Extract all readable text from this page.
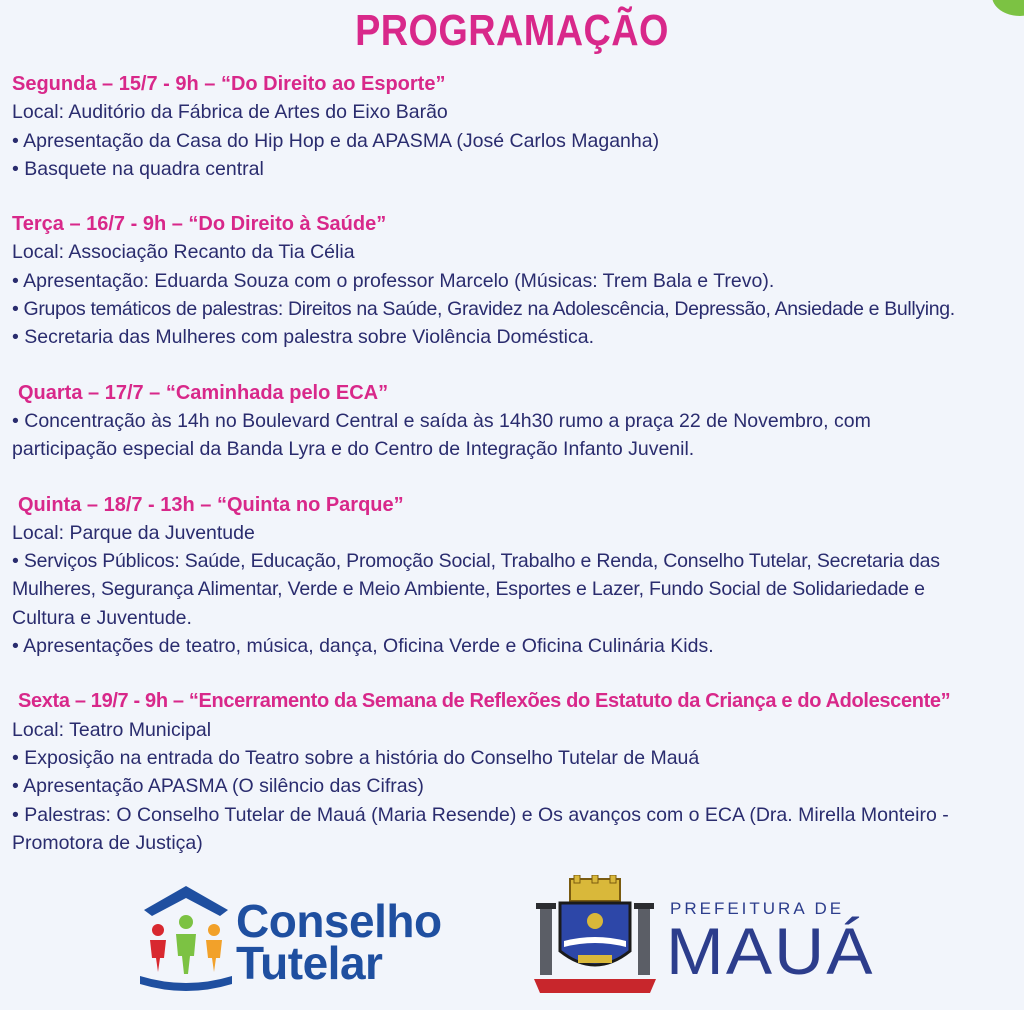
PROGRAMAÇÃO
Segunda – 15/7 - 9h – “Do Direito ao Esporte”
Local: Auditório da Fábrica de Artes do Eixo Barão
• Apresentação da Casa do Hip Hop e da APASMA (José Carlos Maganha)
• Basquete na quadra central
Terça – 16/7 - 9h – “Do Direito à Saúde”
Local: Associação Recanto da Tia Célia
• Apresentação: Eduarda Souza com o professor Marcelo (Músicas: Trem Bala e Trevo).
• Grupos temáticos de palestras: Direitos na Saúde, Gravidez na Adolescência, Depressão, Ansiedade e Bullying.
• Secretaria das Mulheres com palestra sobre Violência Doméstica.
Quarta – 17/7 – “Caminhada pelo ECA”
• Concentração às 14h no Boulevard Central e saída às 14h30 rumo a praça 22 de Novembro, com
participação especial da Banda Lyra e do Centro de Integração Infanto Juvenil.
Quinta – 18/7 - 13h – “Quinta no Parque”
Local: Parque da Juventude
• Serviços Públicos: Saúde, Educação, Promoção Social, Trabalho e Renda, Conselho Tutelar, Secretaria das
Mulheres, Segurança Alimentar, Verde e Meio Ambiente, Esportes e Lazer, Fundo Social de Solidariedade e
Cultura e Juventude.
• Apresentações de teatro, música, dança, Oficina Verde e Oficina Culinária Kids.
Sexta – 19/7 - 9h – “Encerramento da Semana de Reflexões do Estatuto da Criança e do Adolescente”
Local: Teatro Municipal
• Exposição na entrada do Teatro sobre a história do Conselho Tutelar de Mauá
• Apresentação APASMA (O silêncio das Cifras)
• Palestras: O Conselho Tutelar de Mauá (Maria Resende) e Os avanços com o ECA (Dra. Mirella Monteiro -
Promotora de Justiça)
Conselho
Tutelar
PREFEITURA DE
MAUÁ
